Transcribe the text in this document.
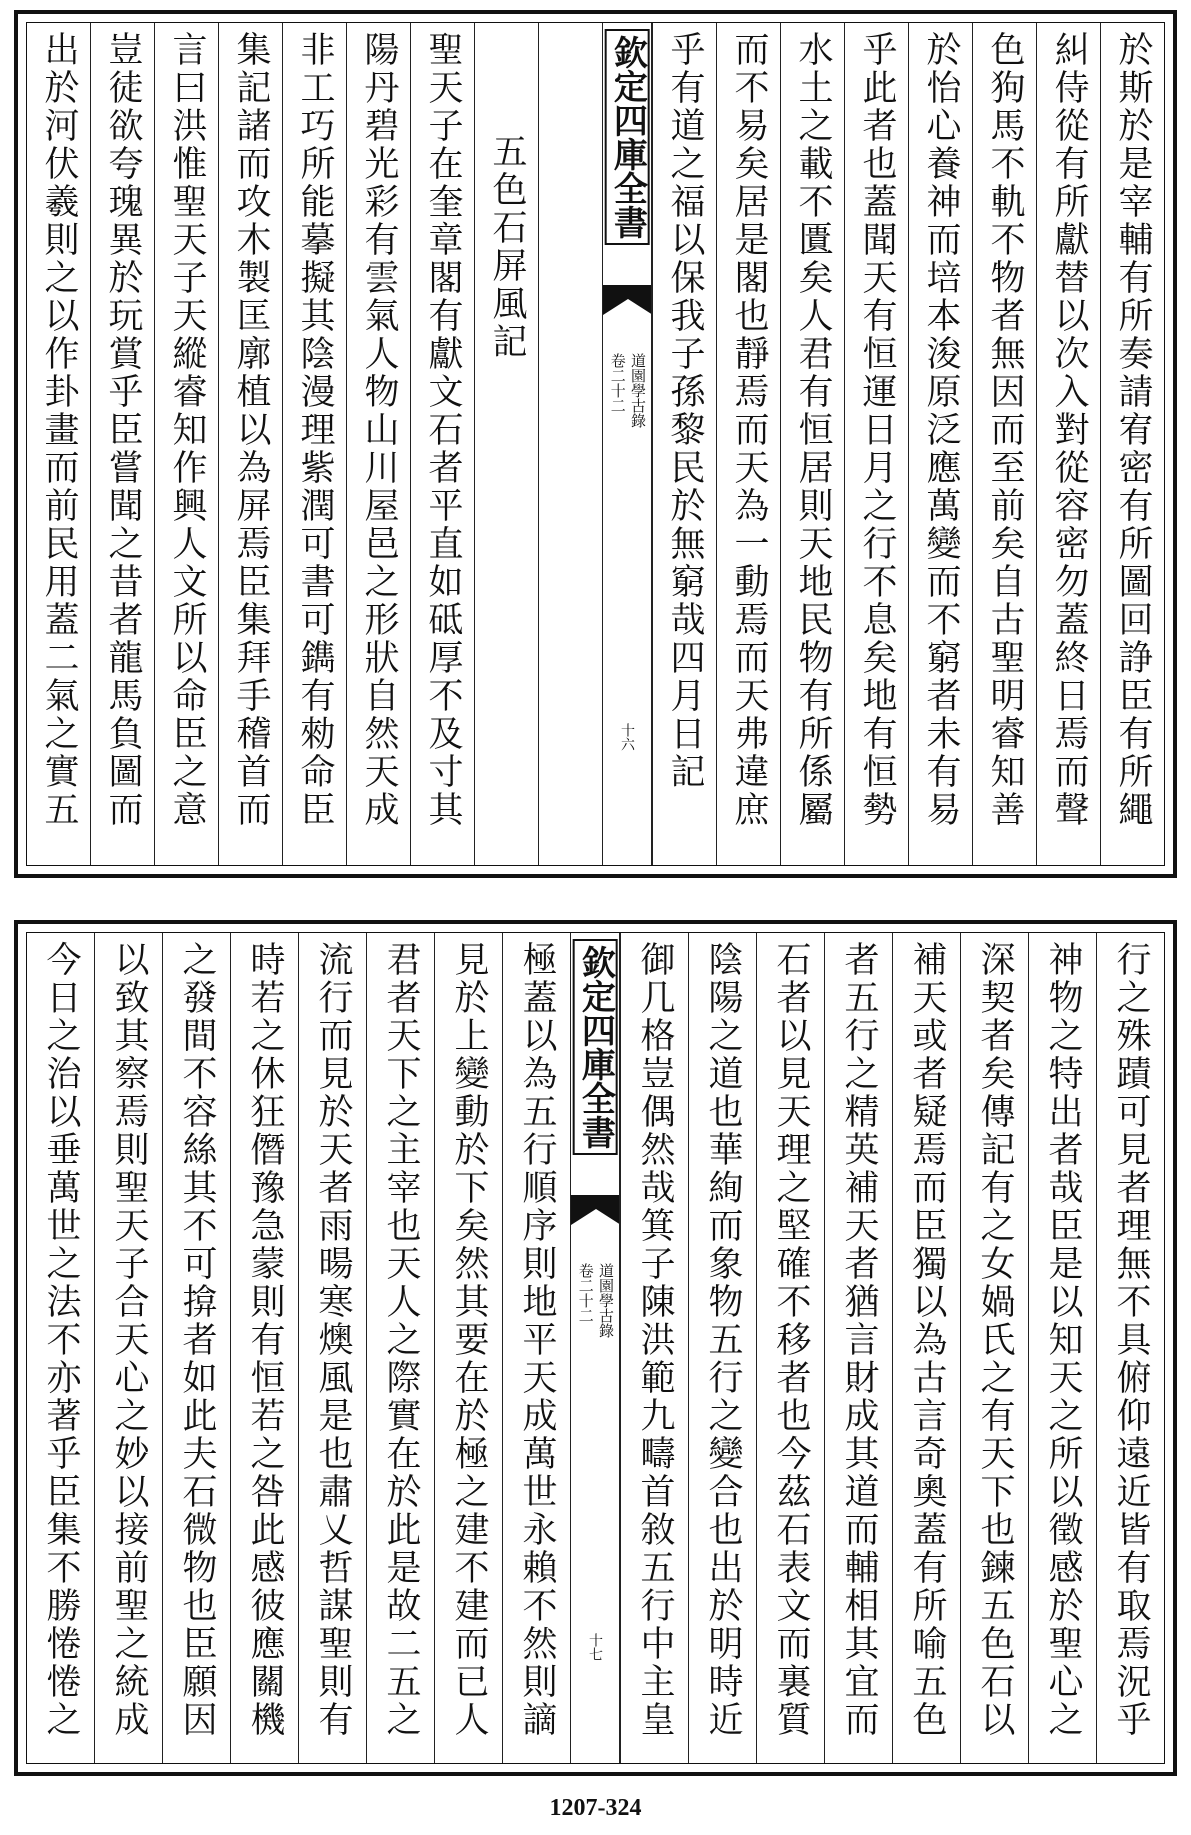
於斯於是宰輔有所奏請宥密有所圖回諍臣有所繩
糾侍從有所獻替以次入對從容密勿蓋終日焉而聲
色狗馬不軌不物者無因而至前矣自古聖明睿知善
於怡心養神而培本浚原泛應萬變而不窮者未有易
乎此者也蓋聞天有恒運日月之行不息矣地有恒勢
水土之載不匱矣人君有恒居則天地民物有所係屬
而不易矣居是閣也靜焉而天為一動焉而天弗違庶
乎有道之福以保我子孫黎民於無窮哉四月日記
欽定四庫全書
道園學古錄
卷二十二
十六
五色石屏風記
聖天子在奎章閣有獻文石者平直如砥厚不及寸其
陽丹碧光彩有雲氣人物山川屋邑之形狀自然天成
非工巧所能摹擬其陰漫理紫潤可書可鐫有勑命臣
集記諸而攻木製匡廓植以為屏焉臣集拜手稽首而
言曰洪惟聖天子天縱睿知作興人文所以命臣之意
豈徒欲夸瑰異於玩賞乎臣嘗聞之昔者龍馬負圖而
出於河伏羲則之以作卦畫而前民用蓋二氣之實五
行之殊蹟可見者理無不具俯仰遠近皆有取焉況乎
神物之特出者哉臣是以知天之所以徵感於聖心之
深契者矣傳記有之女媧氏之有天下也鍊五色石以
補天或者疑焉而臣獨以為古言奇奧蓋有所喻五色
者五行之精英補天者猶言財成其道而輔相其宜而
石者以見天理之堅確不移者也今茲石表文而裏質
陰陽之道也華絢而象物五行之變合也出於明時近
御几格豈偶然哉箕子陳洪範九疇首敘五行中主皇
欽定四庫全書
道園學古錄
卷二十二
十七
極蓋以為五行順序則地平天成萬世永賴不然則謫
見於上變動於下矣然其要在於極之建不建而已人
君者天下之主宰也天人之際實在於此是故二五之
流行而見於天者雨暘寒燠風是也肅乂哲謀聖則有
時若之休狂僭豫急蒙則有恒若之咎此感彼應關機
之發間不容絲其不可揜者如此夫石微物也臣願因
以致其察焉則聖天子合天心之妙以接前聖之統成
今日之治以垂萬世之法不亦著乎臣集不勝惓惓之
1207-324
